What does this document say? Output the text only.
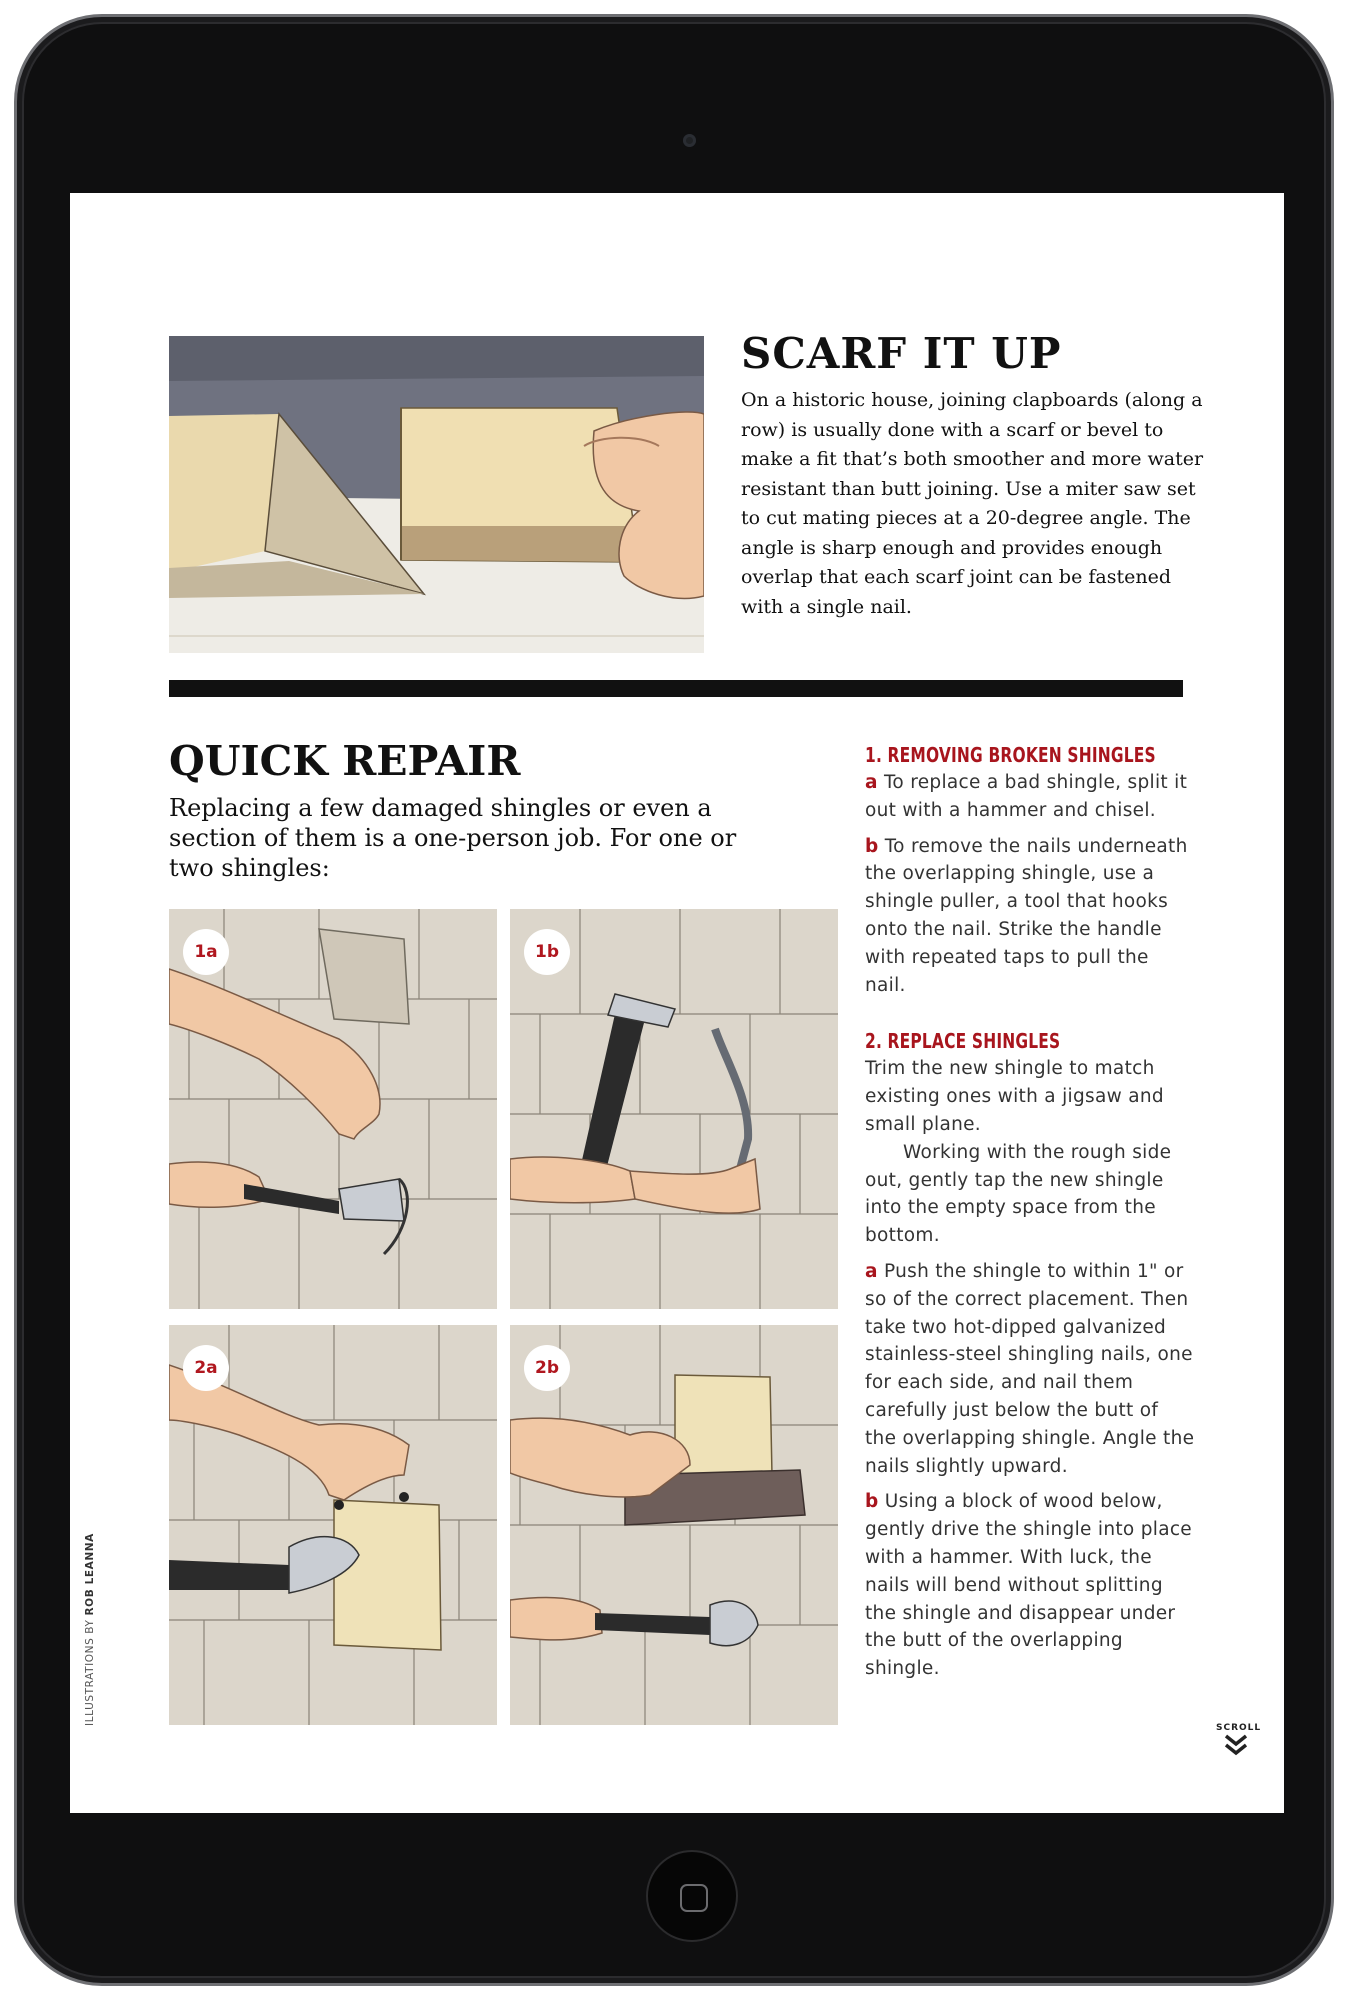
SCARF IT UP
On a historic house, joining clapboards (along a row) is usually done with a scarf or bevel to make a fit that’s both smoother and more water resistant than butt joining. Use a miter saw set to cut mating pieces at a 20-degree angle. The angle is sharp enough and provides enough overlap that each scarf joint can be fastened with a single nail.
QUICK REPAIR
Replacing a few damaged shingles or even a section of them is a one-person job. For one or two shingles:
1a	1b
2a	2b
1. REMOVING BROKEN SHINGLES

a To replace a bad shingle, split it out with a hammer and chisel.

b To remove the nails underneath the overlapping shingle, use a shingle puller, a tool that hooks onto the nail. Strike the handle with repeated taps to pull the nail.

2. REPLACE SHINGLES

Trim the new shingle to match existing ones with a jigsaw and small plane.

Working with the rough side out, gently tap the new shingle into the empty space from the bottom.

a Push the shingle to within 1" or so of the correct placement. Then take two hot-dipped galvanized stainless-steel shingling nails, one for each side, and nail them carefully just below the butt of the overlapping shingle. Angle the nails slightly upward.

b Using a block of wood below, gently drive the shingle into place with a hammer. With luck, the nails will bend without splitting the shingle and disappear under the butt of the overlapping shingle.

ILLUSTRATIONS BY ROB LEANNA
SCROLL
